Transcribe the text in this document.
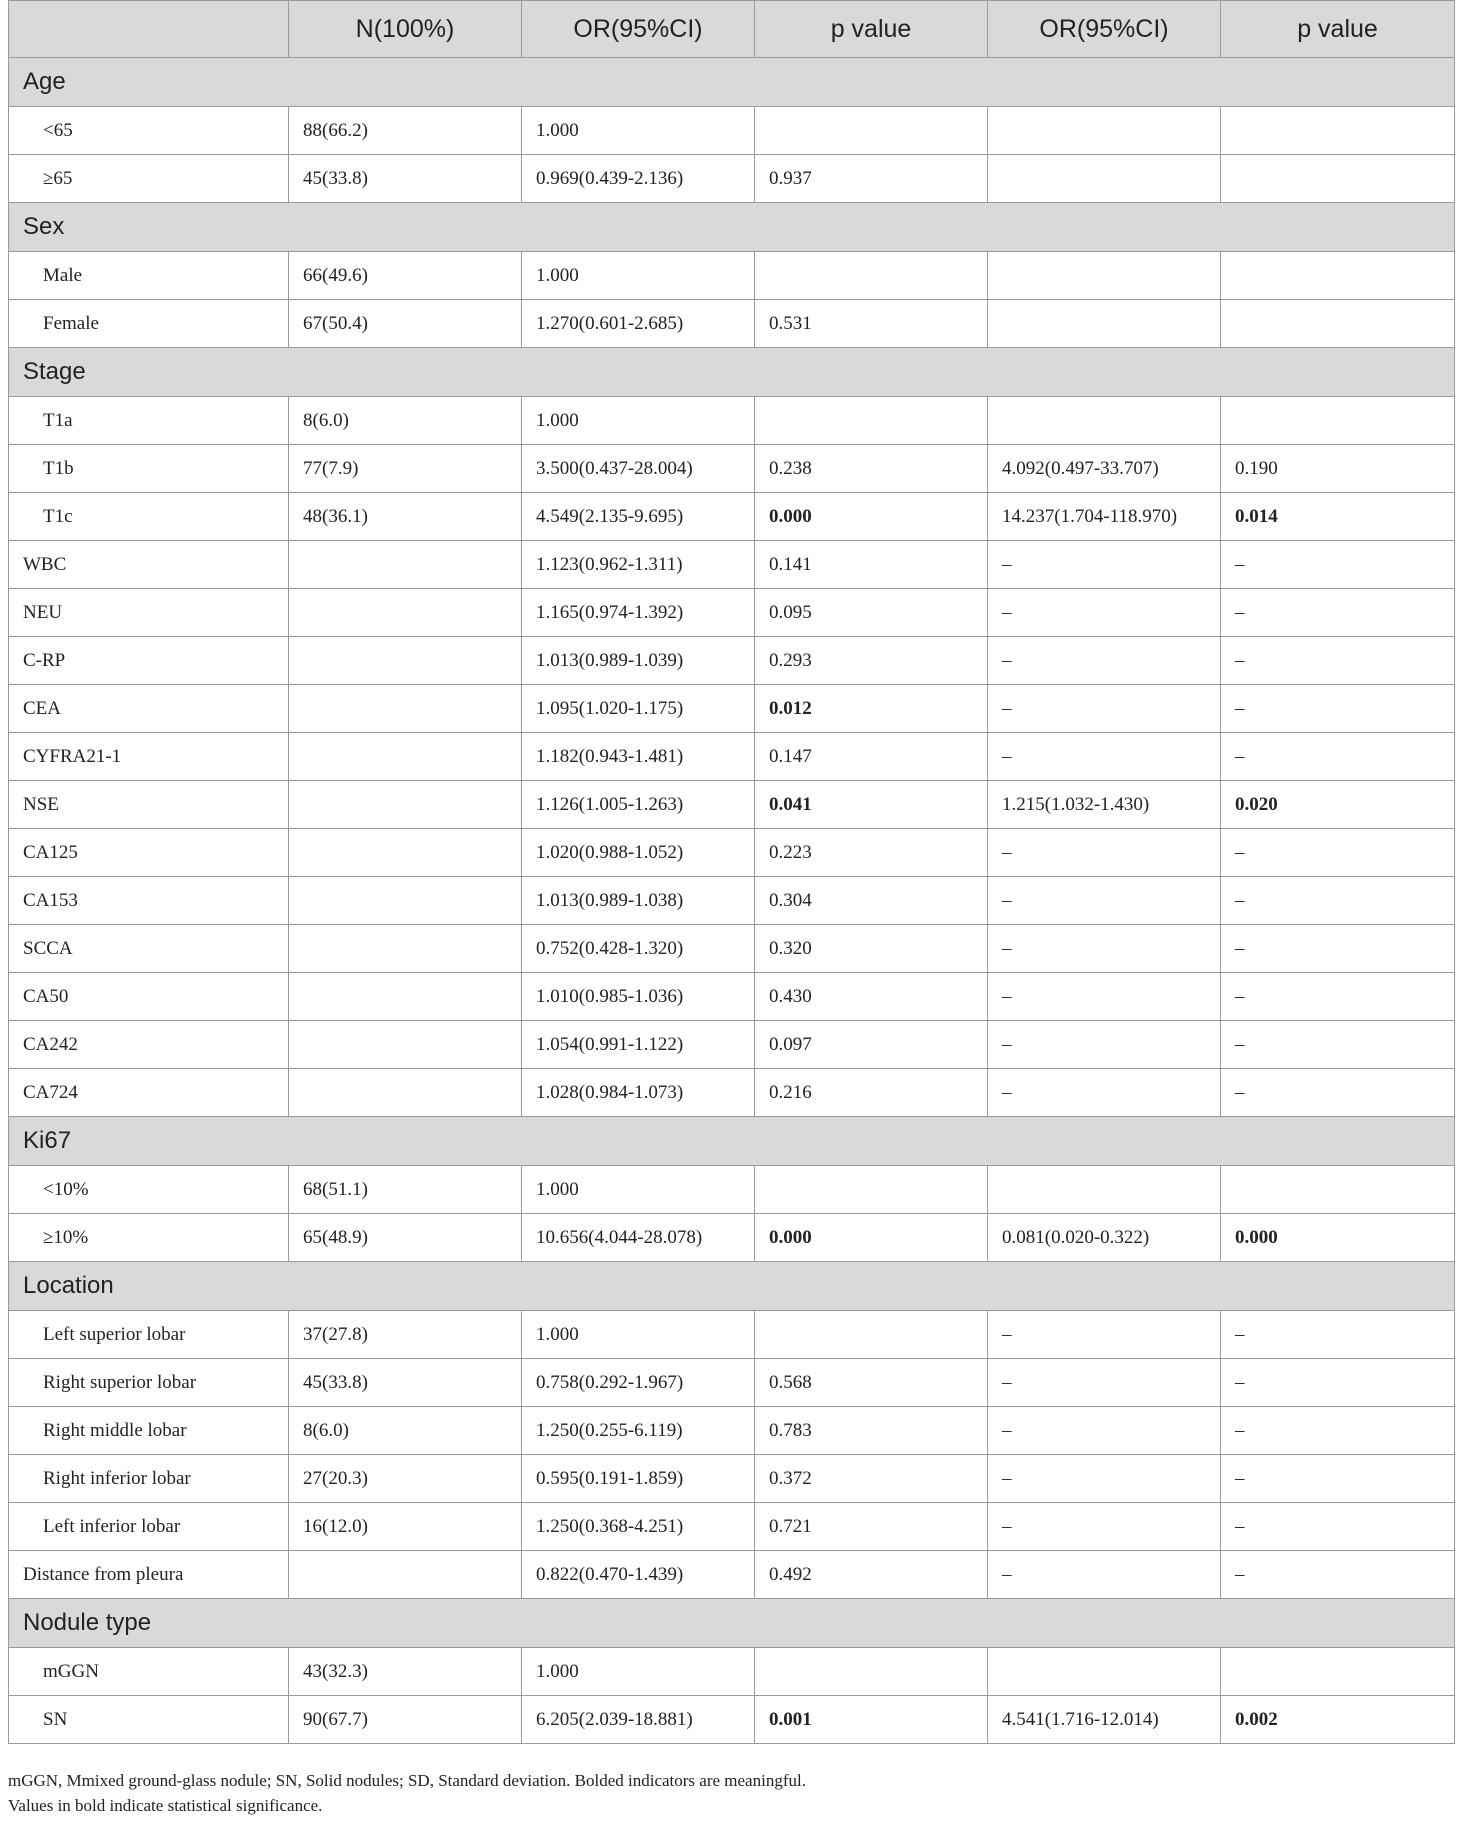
	N(100%)	OR(95%CI)	p value	OR(95%CI)	p value
Age					
<65	88(66.2)	1.000			
≥65	45(33.8)	0.969(0.439-2.136)	0.937		
Sex					
Male	66(49.6)	1.000			
Female	67(50.4)	1.270(0.601-2.685)	0.531		
Stage					
T1a	8(6.0)	1.000			
T1b	77(7.9)	3.500(0.437-28.004)	0.238	4.092(0.497-33.707)	0.190
T1c	48(36.1)	4.549(2.135-9.695)	0.000	14.237(1.704-118.970)	0.014
WBC		1.123(0.962-1.311)	0.141	–	–
NEU		1.165(0.974-1.392)	0.095	–	–
C-RP		1.013(0.989-1.039)	0.293	–	–
CEA		1.095(1.020-1.175)	0.012	–	–
CYFRA21-1		1.182(0.943-1.481)	0.147	–	–
NSE		1.126(1.005-1.263)	0.041	1.215(1.032-1.430)	0.020
CA125		1.020(0.988-1.052)	0.223	–	–
CA153		1.013(0.989-1.038)	0.304	–	–
SCCA		0.752(0.428-1.320)	0.320	–	–
CA50		1.010(0.985-1.036)	0.430	–	–
CA242		1.054(0.991-1.122)	0.097	–	–
CA724		1.028(0.984-1.073)	0.216	–	–
Ki67					
<10%	68(51.1)	1.000			
≥10%	65(48.9)	10.656(4.044-28.078)	0.000	0.081(0.020-0.322)	0.000
Location					
Left superior lobar	37(27.8)	1.000		–	–
Right superior lobar	45(33.8)	0.758(0.292-1.967)	0.568	–	–
Right middle lobar	8(6.0)	1.250(0.255-6.119)	0.783	–	–
Right inferior lobar	27(20.3)	0.595(0.191-1.859)	0.372	–	–
Left inferior lobar	16(12.0)	1.250(0.368-4.251)	0.721	–	–
Distance from pleura		0.822(0.470-1.439)	0.492	–	–
Nodule type					
mGGN	43(32.3)	1.000			
SN	90(67.7)	6.205(2.039-18.881)	0.001	4.541(1.716-12.014)	0.002
mGGN, Mmixed ground-glass nodule; SN, Solid nodules; SD, Standard deviation. Bolded indicators are meaningful.
Values in bold indicate statistical significance.
